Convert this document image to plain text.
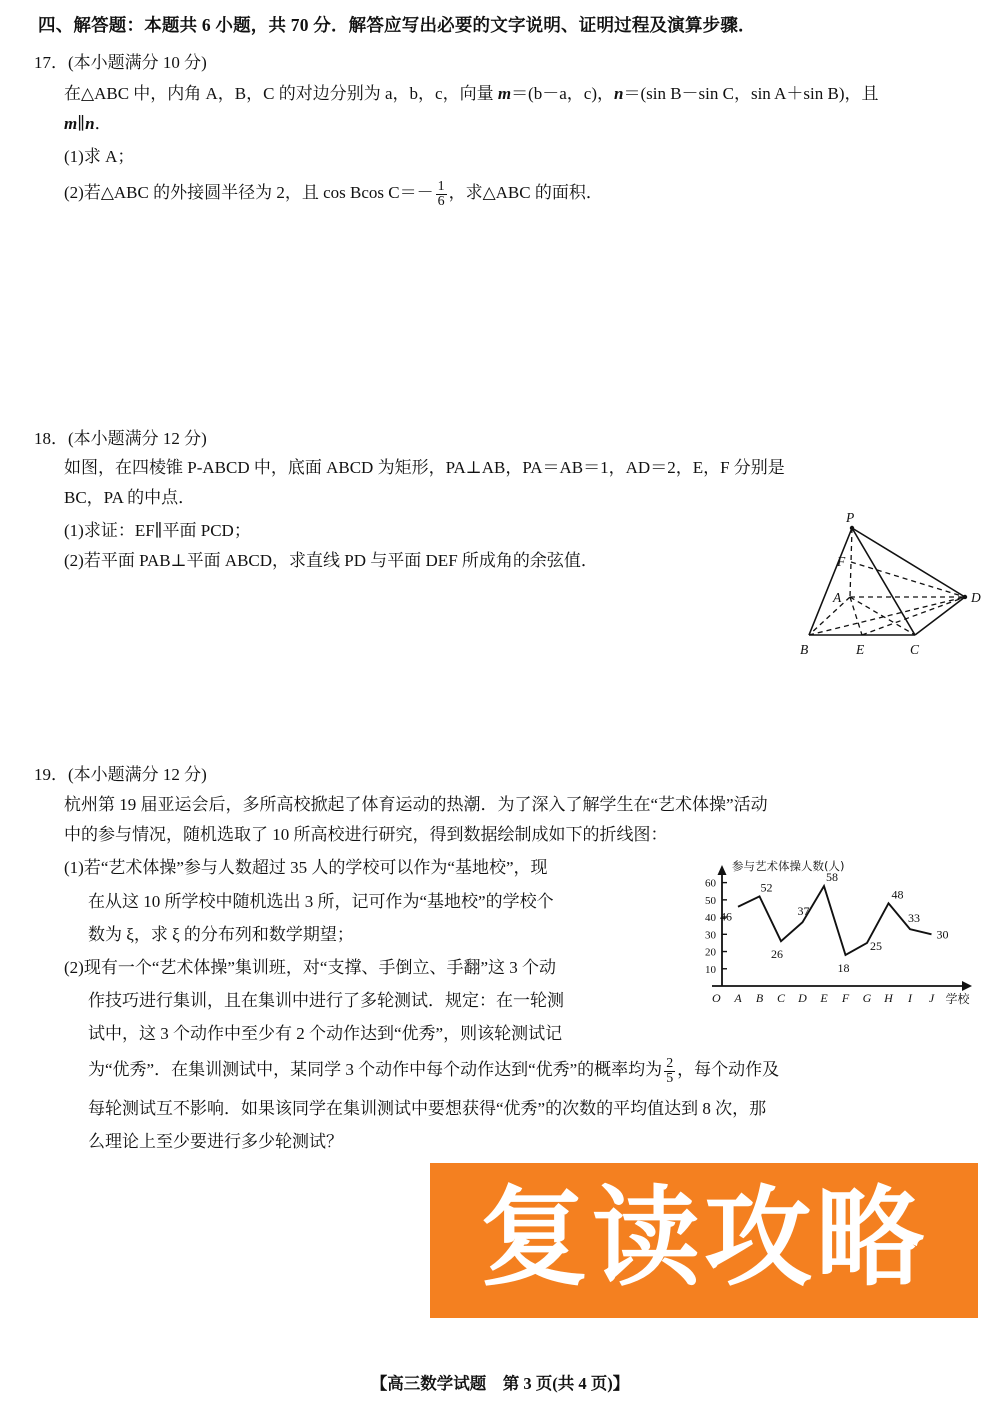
四、解答题：本题共 6 小题，共 70 分．解答应写出必要的文字说明、证明过程及演算步骤．
17．(本小题满分 10 分)
在△ABC 中，内角 A，B，C 的对边分别为 a，b，c，向量 m＝(b－a，c)，n＝(sin B－sin C，sin A＋sin B)，且
m∥n．
(1)求 A；
(2)若△ABC 的外接圆半径为 2，且 cos Bcos $C=- \frac{1}{6}$ ，求△ABC 的面积．
18．(本小题满分 12 分)
如图，在四棱锥 P‑ABCD 中，底面 ABCD 为矩形，PA⊥AB，PA＝AB＝1，AD＝2，E，F 分别是
BC，PA 的中点．
(1)求证：EF∥平面 PCD；
(2)若平面 PAB⊥平面 ABCD，求直线 PD 与平面 DEF 所成角的余弦值．
P
F
A
B	E	C
D
19．(本小题满分 12 分)
杭州第 19 届亚运会后，多所高校掀起了体育运动的热潮．为了深入了解学生在“艺术体操”活动
中的参与情况，随机选取了 10 所高校进行研究，得到数据绘制成如下的折线图：
(1)若“艺术体操”参与人数超过 35 人的学校可以作为“基地校”，现
在从这 10 所学校中随机选出 3 所，记可作为“基地校”的学校个
数为 ξ，求 ξ 的分布列和数学期望；
(2)现有一个“艺术体操”集训班，对“支撑、手倒立、手翻”这 3 个动
作技巧进行集训，且在集训中进行了多轮测试．规定：在一轮测
试中，这 3 个动作中至少有 2 个动作达到“优秀”，则该轮测试记
为“优秀”．在集训测试中，某同学 3 个动作中每个动作达到“优秀”的概率均为 $\frac{2}{5}$ ，每个动作及
每轮测试互不影响．如果该同学在集训测试中要想获得“优秀”的次数的平均值达到 8 次，那
么理论上至少要进行多少轮测试？
10
20
30
40
50
60
O A B C D E F G H I J 学校
参与艺术体操人数(人)
46
52
26
37
58
18
25
48
33
30
复读攻略
【高三数学试题　第 3 页(共 4 页)】
